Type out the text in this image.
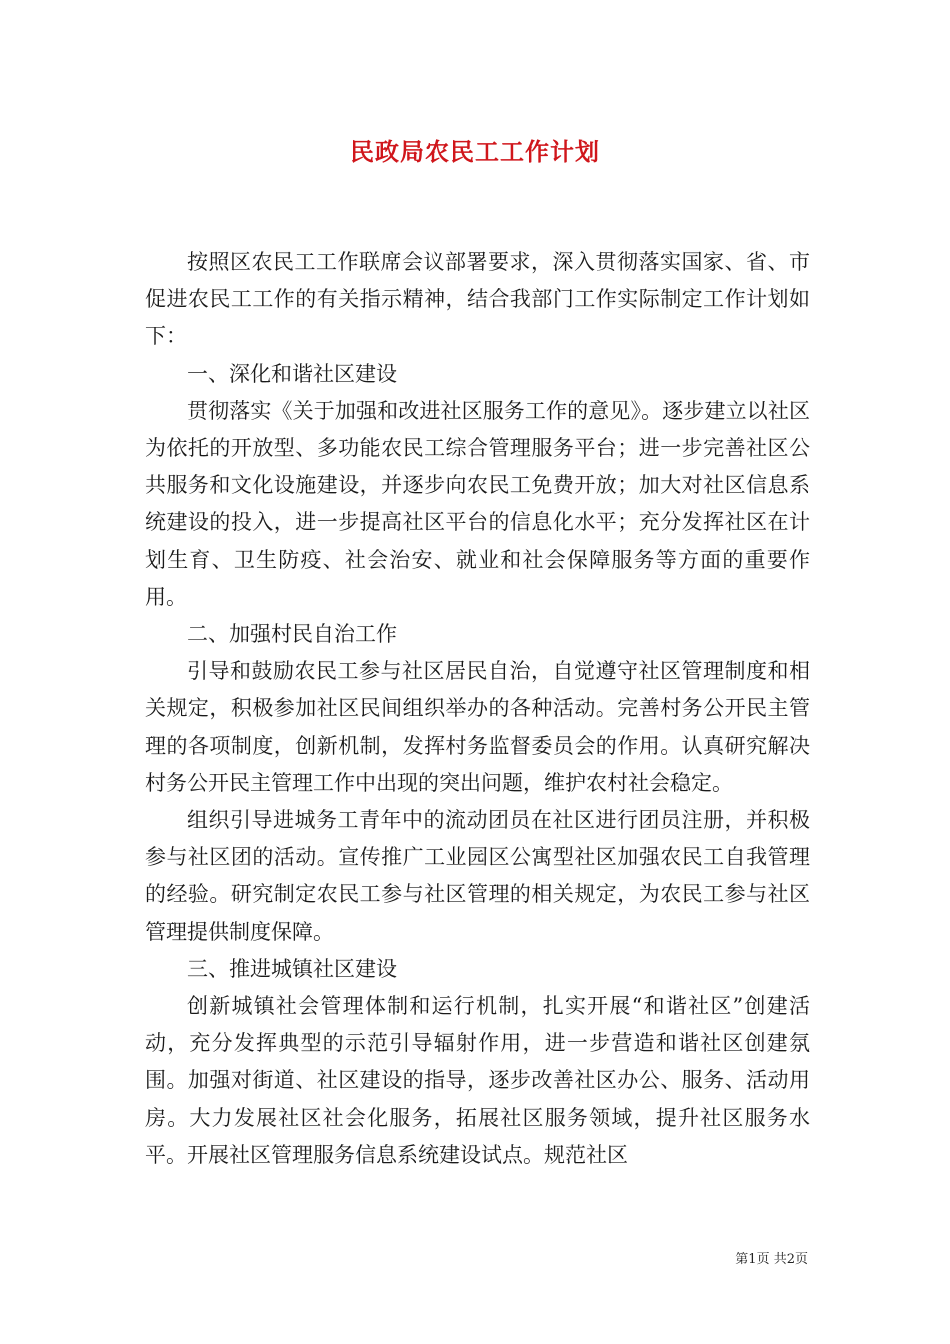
民政局农民工工作计划

按照区农民工工作联席会议部署要求，深入贯彻落实国家、省、市促进农民工工作的有关指示精神，结合我部门工作实际制定工作计划如下：

一、深化和谐社区建设

贯彻落实《关于加强和改进社区服务工作的意见》。逐步建立以社区为依托的开放型、多功能农民工综合管理服务平台；进一步完善社区公共服务和文化设施建设，并逐步向农民工免费开放；加大对社区信息系统建设的投入，进一步提高社区平台的信息化水平；充分发挥社区在计划生育、卫生防疫、社会治安、就业和社会保障服务等方面的重要作用。

二、加强村民自治工作

引导和鼓励农民工参与社区居民自治，自觉遵守社区管理制度和相关规定，积极参加社区民间组织举办的各种活动。完善村务公开民主管理的各项制度，创新机制，发挥村务监督委员会的作用。认真研究解决村务公开民主管理工作中出现的突出问题，维护农村社会稳定。

组织引导进城务工青年中的流动团员在社区进行团员注册，并积极参与社区团的活动。宣传推广工业园区公寓型社区加强农民工自我管理的经验。研究制定农民工参与社区管理的相关规定，为农民工参与社区管理提供制度保障。

三、推进城镇社区建设

创新城镇社会管理体制和运行机制，扎实开展“和谐社区”创建活动，充分发挥典型的示范引导辐射作用，进一步营造和谐社区创建氛围。加强对街道、社区建设的指导，逐步改善社区办公、服务、活动用房。大力发展社区社会化服务，拓展社区服务领域，提升社区服务水平。开展社区管理服务信息系统建设试点。规范社区

第1页 共2页
